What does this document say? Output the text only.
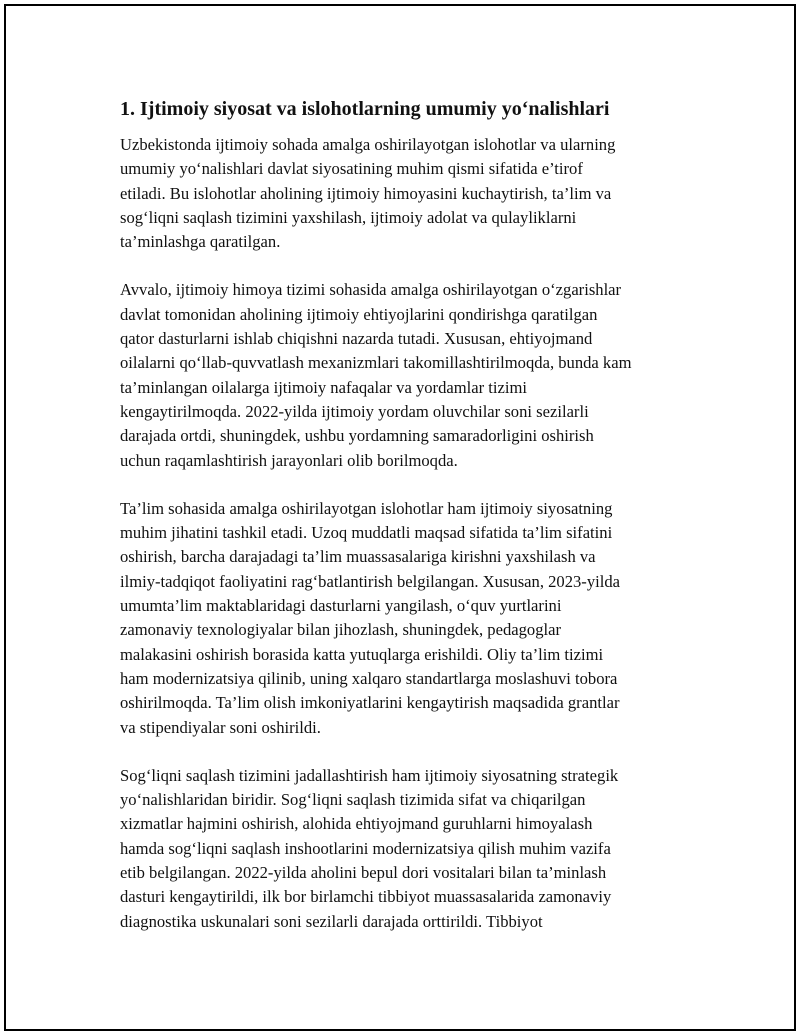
1. Ijtimoiy siyosat va islohotlarning umumiy yo‘nalishlari

Uzbekistonda ijtimoiy sohada amalga oshirilayotgan islohotlar va ularning
umumiy yo‘nalishlari davlat siyosatining muhim qismi sifatida e’tirof
etiladi. Bu islohotlar aholining ijtimoiy himoyasini kuchaytirish, ta’lim va
sog‘liqni saqlash tizimini yaxshilash, ijtimoiy adolat va qulayliklarni
ta’minlashga qaratilgan.

Avvalo, ijtimoiy himoya tizimi sohasida amalga oshirilayotgan o‘zgarishlar
davlat tomonidan aholining ijtimoiy ehtiyojlarini qondirishga qaratilgan
qator dasturlarni ishlab chiqishni nazarda tutadi. Xususan, ehtiyojmand
oilalarni qo‘llab-quvvatlash mexanizmlari takomillashtirilmoqda, bunda kam
ta’minlangan oilalarga ijtimoiy nafaqalar va yordamlar tizimi
kengaytirilmoqda. 2022-yilda ijtimoiy yordam oluvchilar soni sezilarli
darajada ortdi, shuningdek, ushbu yordamning samaradorligini oshirish
uchun raqamlashtirish jarayonlari olib borilmoqda.

Ta’lim sohasida amalga oshirilayotgan islohotlar ham ijtimoiy siyosatning
muhim jihatini tashkil etadi. Uzoq muddatli maqsad sifatida ta’lim sifatini
oshirish, barcha darajadagi ta’lim muassasalariga kirishni yaxshilash va
ilmiy-tadqiqot faoliyatini rag‘batlantirish belgilangan. Xususan, 2023-yilda
umumta’lim maktablaridagi dasturlarni yangilash, o‘quv yurtlarini
zamonaviy texnologiyalar bilan jihozlash, shuningdek, pedagoglar
malakasini oshirish borasida katta yutuqlarga erishildi. Oliy ta’lim tizimi
ham modernizatsiya qilinib, uning xalqaro standartlarga moslashuvi tobora
oshirilmoqda. Ta’lim olish imkoniyatlarini kengaytirish maqsadida grantlar
va stipendiyalar soni oshirildi.

Sog‘liqni saqlash tizimini jadallashtirish ham ijtimoiy siyosatning strategik
yo‘nalishlaridan biridir. Sog‘liqni saqlash tizimida sifat va chiqarilgan
xizmatlar hajmini oshirish, alohida ehtiyojmand guruhlarni himoyalash
hamda sog‘liqni saqlash inshootlarini modernizatsiya qilish muhim vazifa
etib belgilangan. 2022-yilda aholini bepul dori vositalari bilan ta’minlash
dasturi kengaytirildi, ilk bor birlamchi tibbiyot muassasalarida zamonaviy
diagnostika uskunalari soni sezilarli darajada orttirildi. Tibbiyot
